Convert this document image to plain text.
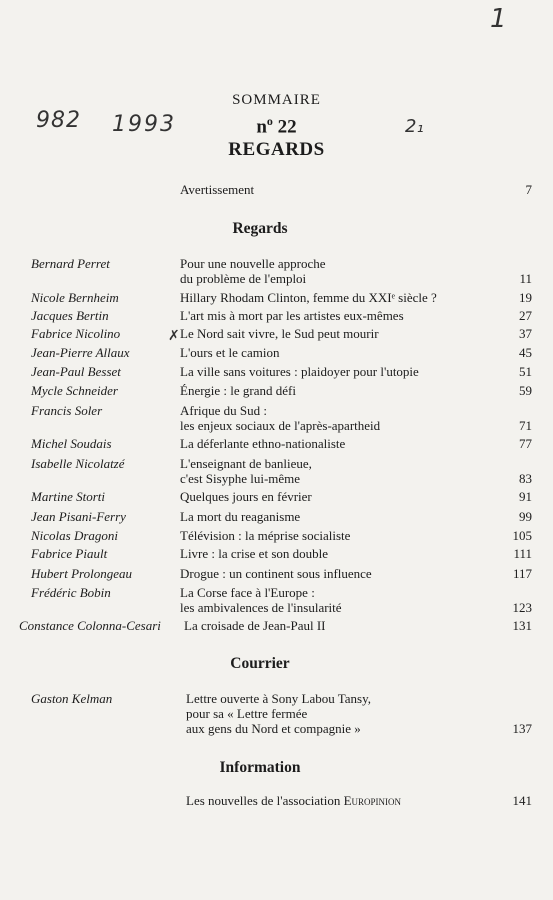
1
982 1993	2₁
✗
SOMMAIRE
$n^o$ 22
REGARDS
Avertissement	7
Regards
Bernard Perret	Pour une nouvelle approche
du problème de l'emploi	11
Nicole Bernheim	Hillary Rhodam Clinton, femme du XXIᵉ siècle ?	19
Jacques Bertin	L'art mis à mort par les artistes eux-mêmes	27
Fabrice Nicolino	Le Nord sait vivre, le Sud peut mourir	37
Jean-Pierre Allaux	L'ours et le camion	45
Jean-Paul Besset	La ville sans voitures : plaidoyer pour l'utopie	51
Mycle Schneider	Énergie : le grand défi	59
Francis Soler	Afrique du Sud :
les enjeux sociaux de l'après-apartheid	71
Michel Soudais	La déferlante ethno-nationaliste	77
Isabelle Nicolatzé	L'enseignant de banlieue,
c'est Sisyphe lui-même	83
Martine Storti	Quelques jours en février	91
Jean Pisani-Ferry	La mort du reaganisme	99
Nicolas Dragoni	Télévision : la méprise socialiste	105
Fabrice Piault	Livre : la crise et son double	111
Hubert Prolongeau	Drogue : un continent sous influence	117
Frédéric Bobin	La Corse face à l'Europe :
les ambivalences de l'insularité	123
Constance Colonna-Cesari La croisade de Jean-Paul II	131
Courrier
Gaston Kelman	Lettre ouverte à Sony Labou Tansy,
pour sa « Lettre fermée
aux gens du Nord et compagnie »	137
Information
Les nouvelles de l'association Europinion	141
